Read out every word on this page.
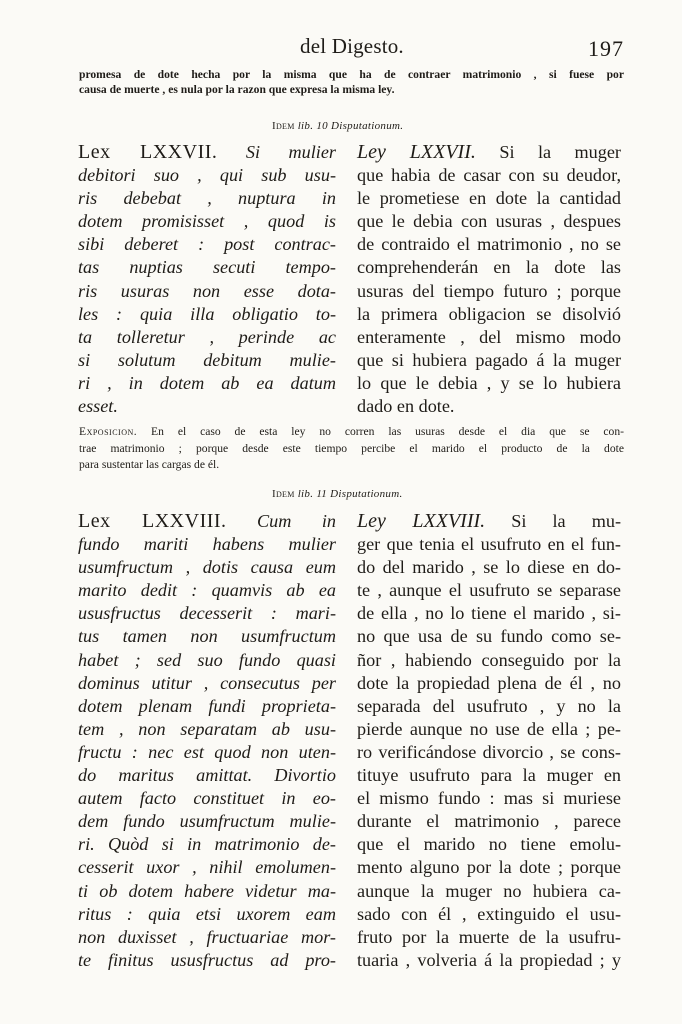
del Digesto.	197
promesa de dote hecha por la misma que ha de contraer matrimonio , si fuese por
causa de muerte , es nula por la razon que expresa la misma ley.
Idem lib. 10 Disputationum.
Lex LXXVII. Si mulier
debitori suo , qui sub usu-
ris debebat , nuptura in
dotem promisisset , quod is
sibi deberet : post contrac-
tas nuptias secuti tempo-
ris usuras non esse dota-
les : quia illa obligatio to-
ta tolleretur , perinde ac
si solutum debitum mulie-
ri , in dotem ab ea datum
esset.
Ley LXXVII. Si la muger
que habia de casar con su deudor,
le prometiese en dote la cantidad
que le debia con usuras , despues
de contraido el matrimonio , no se
comprehenderán en la dote las
usuras del tiempo futuro ; porque
la primera obligacion se disolvió
enteramente , del mismo modo
que si hubiera pagado á la muger
lo que le debia , y se lo hubiera
dado en dote.
Exposicion. En el caso de esta ley no corren las usuras desde el dia que se con-
trae matrimonio ; porque desde este tiempo percibe el marido el producto de la dote
para sustentar las cargas de él.
Idem lib. 11 Disputationum.
Lex LXXVIII. Cum in
fundo mariti habens mulier
usumfructum , dotis causa eum
marito dedit : quamvis ab ea
ususfructus decesserit : mari-
tus tamen non usumfructum
habet ; sed suo fundo quasi
dominus utitur , consecutus per
dotem plenam fundi proprieta-
tem , non separatam ab usu-
fructu : nec est quod non uten-
do maritus amittat. Divortio
autem facto constituet in eo-
dem fundo usumfructum mulie-
ri. Quòd si in matrimonio de-
cesserit uxor , nihil emolumen-
ti ob dotem habere videtur ma-
ritus : quia etsi uxorem eam
non duxisset , fructuariae mor-
te finitus ususfructus ad pro-
Ley LXXVIII. Si la mu-
ger que tenia el usufruto en el fun-
do del marido , se lo diese en do-
te , aunque el usufruto se separase
de ella , no lo tiene el marido , si-
no que usa de su fundo como se-
ñor , habiendo conseguido por la
dote la propiedad plena de él , no
separada del usufruto , y no la
pierde aunque no use de ella ; pe-
ro verificándose divorcio , se cons-
tituye usufruto para la muger en
el mismo fundo : mas si muriese
durante el matrimonio , parece
que el marido no tiene emolu-
mento alguno por la dote ; porque
aunque la muger no hubiera ca-
sado con él , extinguido el usu-
fruto por la muerte de la usufru-
tuaria , volveria á la propiedad ; y
